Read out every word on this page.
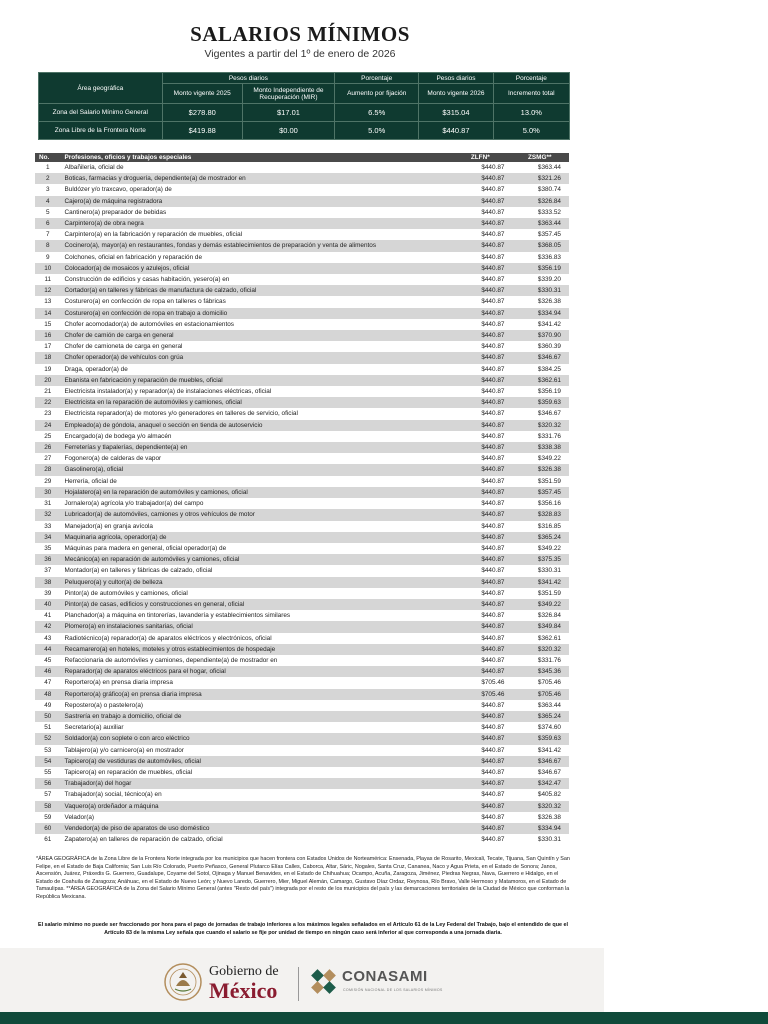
SALARIOS MÍNIMOS
Vigentes a partir del 1º de enero de 2026
Área geográfica	Pesos diarios		Porcentaje	Pesos diarios	Porcentaje
	Monto vigente 2025	Monto Independiente de Recuperación (MIR)	Aumento por fijación	Monto vigente 2026	Incremento total
Zona del Salario Mínimo General	$278.80	$17.01	6.5%	$315.04	13.0%
Zona Libre de la Frontera Norte	$419.88	$0.00	5.0%	$440.87	5.0%
No.	Profesiones, oficios y trabajos especiales	ZLFN*	ZSMG**
1	Albañilería, oficial de	$440.87	$363.44
2	Boticas, farmacias y droguería, dependiente(a) de mostrador en	$440.87	$321.26
3	Buldózer y/o traxcavo, operador(a) de	$440.87	$380.74
4	Cajero(a) de máquina registradora	$440.87	$326.84
5	Cantinero(a) preparador de bebidas	$440.87	$333.52
6	Carpintero(a) de obra negra	$440.87	$363.44
7	Carpintero(a) en la fabricación y reparación de muebles, oficial	$440.87	$357.45
8	Cocinero(a), mayor(a) en restaurantes, fondas y demás establecimientos de preparación y venta de alimentos	$440.87	$368.05
9	Colchones, oficial en fabricación y reparación de	$440.87	$336.83
10	Colocador(a) de mosaicos y azulejos, oficial	$440.87	$356.19
11	Construcción de edificios y casas habitación, yesero(a) en	$440.87	$339.20
12	Cortador(a) en talleres y fábricas de manufactura de calzado, oficial	$440.87	$330.31
13	Costurero(a) en confección de ropa en talleres o fábricas	$440.87	$326.38
14	Costurero(a) en confección de ropa en trabajo a domicilio	$440.87	$334.94
15	Chofer acomodador(a) de automóviles en estacionamientos	$440.87	$341.42
16	Chofer de camión de carga en general	$440.87	$370.90
17	Chofer de camioneta de carga en general	$440.87	$360.39
18	Chofer operador(a) de vehículos con grúa	$440.87	$346.67
19	Draga, operador(a) de	$440.87	$384.25
20	Ebanista en fabricación y reparación de muebles, oficial	$440.87	$362.61
21	Electricista instalador(a) y reparador(a) de instalaciones eléctricas, oficial	$440.87	$356.19
22	Electricista en la reparación de automóviles y camiones, oficial	$440.87	$359.63
23	Electricista reparador(a) de motores y/o generadores en talleres de servicio, oficial	$440.87	$346.67
24	Empleado(a) de góndola, anaquel o sección en tienda de autoservicio	$440.87	$320.32
25	Encargado(a) de bodega y/o almacén	$440.87	$331.76
26	Ferreterías y tlapalerías, dependiente(a) en	$440.87	$338.38
27	Fogonero(a) de calderas de vapor	$440.87	$349.22
28	Gasolinero(a), oficial	$440.87	$326.38
29	Herrería, oficial de	$440.87	$351.59
30	Hojalatero(a) en la reparación de automóviles y camiones, oficial	$440.87	$357.45
31	Jornalero(a) agrícola y/o trabajador(a) del campo	$440.87	$356.16
32	Lubricador(a) de automóviles, camiones y otros vehículos de motor	$440.87	$328.83
33	Manejador(a) en granja avícola	$440.87	$316.85
34	Maquinaria agrícola, operador(a) de	$440.87	$365.24
35	Máquinas para madera en general, oficial operador(a) de	$440.87	$349.22
36	Mecánico(a) en reparación de automóviles y camiones, oficial	$440.87	$375.35
37	Montador(a) en talleres y fábricas de calzado, oficial	$440.87	$330.31
38	Peluquero(a) y cultor(a) de belleza	$440.87	$341.42
39	Pintor(a) de automóviles y camiones, oficial	$440.87	$351.59
40	Pintor(a) de casas, edificios y construcciones en general, oficial	$440.87	$349.22
41	Planchador(a) a máquina en tintorerías, lavandería y establecimientos similares	$440.87	$326.84
42	Plomero(a) en instalaciones sanitarias, oficial	$440.87	$349.84
43	Radiotécnico(a) reparador(a) de aparatos eléctricos y electrónicos, oficial	$440.87	$362.61
44	Recamarero(a) en hoteles, moteles y otros establecimientos de hospedaje	$440.87	$320.32
45	Refaccionaria de automóviles y camiones, dependiente(a) de mostrador en	$440.87	$331.76
46	Reparador(a) de aparatos eléctricos para el hogar, oficial	$440.87	$345.36
47	Reportero(a) en prensa diaria impresa	$705.46	$705.46
48	Reportero(a) gráfico(a) en prensa diaria impresa	$705.46	$705.46
49	Repostero(a) o pastelero(a)	$440.87	$363.44
50	Sastrería en trabajo a domicilio, oficial de	$440.87	$365.24
51	Secretario(a) auxiliar	$440.87	$374.60
52	Soldador(a) con soplete o con arco eléctrico	$440.87	$359.63
53	Tablajero(a) y/o carnicero(a) en mostrador	$440.87	$341.42
54	Tapicero(a) de vestiduras de automóviles, oficial	$440.87	$346.67
55	Tapicero(a) en reparación de muebles, oficial	$440.87	$346.67
56	Trabajador(a) del hogar	$440.87	$342.47
57	Trabajador(a) social, técnico(a) en	$440.87	$405.82
58	Vaquero(a) ordeñador a máquina	$440.87	$320.32
59	Velador(a)	$440.87	$326.38
60	Vendedor(a) de piso de aparatos de uso doméstico	$440.87	$334.94
61	Zapatero(a) en talleres de reparación de calzado, oficial	$440.87	$330.31
*ÁREA GEOGRÁFICA de la Zona Libre de la Frontera Norte integrada por los municipios que hacen frontera con Estados Unidos de Norteamérica: Ensenada, Playas de Rosarito, Mexicali, Tecate, Tijuana, San Quintín y San Felipe, en el Estado de Baja California; San Luis Río Colorado, Puerto Peñasco, General Plutarco Elías Calles, Caborca, Altar, Sáric, Nogales, Santa Cruz, Cananea, Naco y Agua Prieta, en el Estado de Sonora; Janos, Ascensión, Juárez, Práxedis G. Guerrero, Guadalupe, Coyame del Sotol, Ojinaga y Manuel Benavides, en el Estado de Chihuahua; Ocampo, Acuña, Zaragoza, Jiménez, Piedras Negras, Nava, Guerrero e Hidalgo, en el Estado de Coahuila de Zaragoza; Anáhuac, en el Estado de Nuevo León; y Nuevo Laredo, Guerrero, Mier, Miguel Alemán, Camargo, Gustavo Díaz Ordaz, Reynosa, Río Bravo, Valle Hermoso y Matamoros, en el Estado de Tamaulipas. **ÁREA GEOGRÁFICA de la Zona del Salario Mínimo General (antes "Resto del país") integrada por el resto de los municipios del país y las demarcaciones territoriales de la Ciudad de México que conforman la República Mexicana.
El salario mínimo no puede ser fraccionado por hora para el pago de jornadas de trabajo inferiores a los máximos legales señalados en el Artículo 61 de la Ley Federal del Trabajo, bajo el entendido de que el Artículo 83 de la misma Ley señala que cuando el salario se fije por unidad de tiempo en ningún caso será inferior al que corresponda a una jornada diaria.
Gobierno de
México
CONASAMI
COMISIÓN NACIONAL DE LOS SALARIOS MÍNIMOS
